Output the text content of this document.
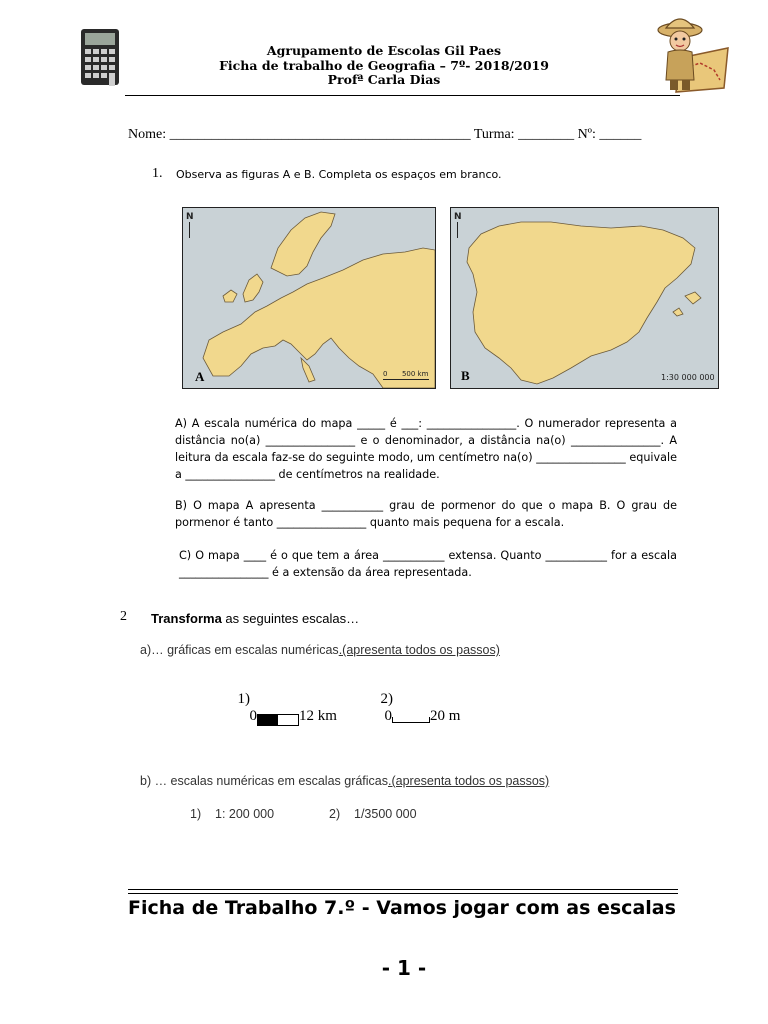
Agrupamento de Escolas Gil Paes
Ficha de trabalho de Geografia – 7º- 2018/2019
Profª Carla Dias
Nome: ___________________________________________ Turma: ________ Nº: ______
1. Observa as figuras A e B. Completa os espaços em branco.
N
A	0 500 km
N
B	1:30 000 000
A) A escala numérica do mapa _____ é ___: ________________. O numerador representa a distância no(a) ________________ e o denominador, a distância na(o) ________________. A leitura da escala faz-se do seguinte modo, um centímetro na(o) ________________ equivale a ________________ de centímetros na realidade.
B) O mapa A apresenta ___________ grau de pormenor do que o mapa B. O grau de pormenor é tanto ________________ quanto mais pequena for a escala.
C) O mapa ____ é o que tem a área ___________ extensa. Quanto ___________ for a escala ________________ é a extensão da área representada.
2 Transforma as seguintes escalas…
a)… gráficas em escalas numéricas.(apresenta todos os passos)

1)
0	12 km

2)
0	20 m

b) … escalas numéricas em escalas gráficas.(apresenta todos os passos)
1)    1: 200 000	2)    1/3500 000
Ficha de Trabalho 7.º - Vamos jogar com as escalas
- 1 -
